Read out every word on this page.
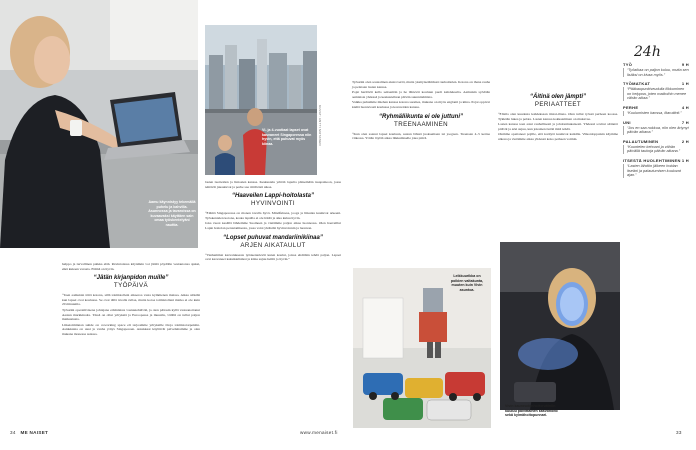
Aamu käynnistyy tekemällä puhelu ja kahvilla. Asunnossa ja tavaroissa on kuvaavaksi käyttäen sain omaa työskentelyäni nauttia.
Vi- ja 4-vuotiaat lapset ovat kasvaneet Singaporessa niin hyvin, että puhuvat myös kiinaa.	KUVAT: ANTTI MUTANEN
Leikkuurikka on poikien valtakunta, muuten kuin Vivin asuntoa.
Vivin kauneudenhoitorutiiniin kuuluu päivittäinen kasvohoito sekä kylmähoitopunnari.

helppo ja turvallinen paikka elää. Ravintolassa käyntikin voi jättää pöydälle vesiautonsa ajaksi, eikä kukaan varasta. Elämä on hyvin.

“Jätän kirjanpidon muille”
TYÖPÄIVÄ

“Teen aamuisin töitä kotona, sillä toimistolleni aikaeroa vasta kymmenen maissa. Aikaa säästää kun lapset ovat koulussa. Se ovat tällä tavalla rullaa, mutta kotoa toimistolleni matka ei ole kuin 20 minuuttia.

Työssäni operatiivisena johtajana eräänlaista vastuutehtävää, ja olen pääosin kyllä vastaanottanut Aasian markkinoita. Tässä on ollut yrityksiä ja Euroopassa ja muualla, välillä on tullut paljon matkustusta.

Liiketoiminnan suhde on coworking space eli tarjoamme yrityksille tiloja toimistotarpeisiin. Asiakkaina on uusi ja vanha yritys Singaporeen. Asiakkaat käyttävät palveluitamme ja olen mukana monessa asiassa.

lasten tuotteiden ja lisäosien kanssa. Keskustelu yrittää lopulta pääsemään tasapainoon, jossa tehtävät jakautuvat ja perhe saa riittävästi aikaa.

“Haaveilen Lappi-hoitolasta”
HYVINVOINTI

“Elämä Singaporessa on monen tavalla hyvä. Mindfulness, jooga ja liikunta kuuluvat arkeeni. Työskentelen kotona, koska lapsilla ei ole hätää ja aika kuluu hyvin.

Joka vuosi kesällä lähdemme Suomeen ja vietämme paljon aikaa luonnossa. Olen haaveillut Lapin hoitolan perustamisesta, jossa voisi yhdistää hyvinvoinnin ja luonnon.

“Lopset puhuvat mandariinikiinaa”
ARJEN AIKATAULUT

“Vanhemmat kasvatuksesta työskentelevät kuten koulut, joissa ehditään tehdä paljon. Lapset ovat kasvaneet kaksikielisiksi ja kiina sujuu heiltä jo hyvin.”

Työssäni olen sosiaalinen ekstrovertti, mutta yksityiselämässä rauhoittelen. Kotona on ihana rauha ja pelataan lasten kanssa.

Pojat heräävät kello seitsemän ja he lähtevät kouluun puoli kahdeksalta. Aamuisin syödään aamiaista yhdessä ja keskustellaan päivän suunnitelmista.

Vaikka puhumme miehen kanssa kotona suomea, mukana on myös englanti ja kiina. Pojat oppivat kieliä luontevasti koulussa ja kavereiden kanssa.

“Ryhmäliikunta ei ole juttuni”
TREENAAMINEN

“Kun olen saanut lapset kouluun, saatan lähteä juoksemaan tai joogaan. Treenaan 4–5 kertaa viikossa. Yritän löytää aikaa liikkumiselle joka päivä.

“Äitinä olen jämpti”
PERIAATTEET

“Ellaila olen kuudesta kahdeksaan tiistai-iltana. Olen tullut työssä perheen koossa. Tykkään lukea ja pelata. Lasten kanssa kokkaaminen on mukavaa.

Lasten kanssa teen asiat rauhallisesti ja johdonmukaisesti. Yhdessä sovitut säännöt pitävät ja arki sujuu, kun jokainen tietää mitä tehdä.

Olemme opettaneet pojille, että kotityöt kuuluvat kaikille. Viikonloppuisin käymme ulkona ja vietämme aikaa yhdessä koko perheen voimin.

24h
TYÖ	9 H
“Työaikaa on paljon kuluu, mutta sen lisäksi on kivaa myös.”
TYÖMATKAT	1 H
“Pääkaupunkiseudulla liikkuminen on helppoa, joten matkoihin menee vähän aikaa.”
PERHE	4 H
“Kuulumisten kanssa, iltarutiinit.”
UNI	7 H
“Jos en saa nukkua, niin olen ärtynyt päivän aikana.”
PALAUTUMINEN	2 H
“Kuuntelen kehoani ja vähän päivällä taukoja päivän aikana.”
ITSESTÄ HUOLEHTIMINEN 1 H
“Lasten lähdön jälkeen hoidan itseäni ja palautumisen kuuluvat ajan.”
34 ME NAISET	www.menaiset.fi	33
